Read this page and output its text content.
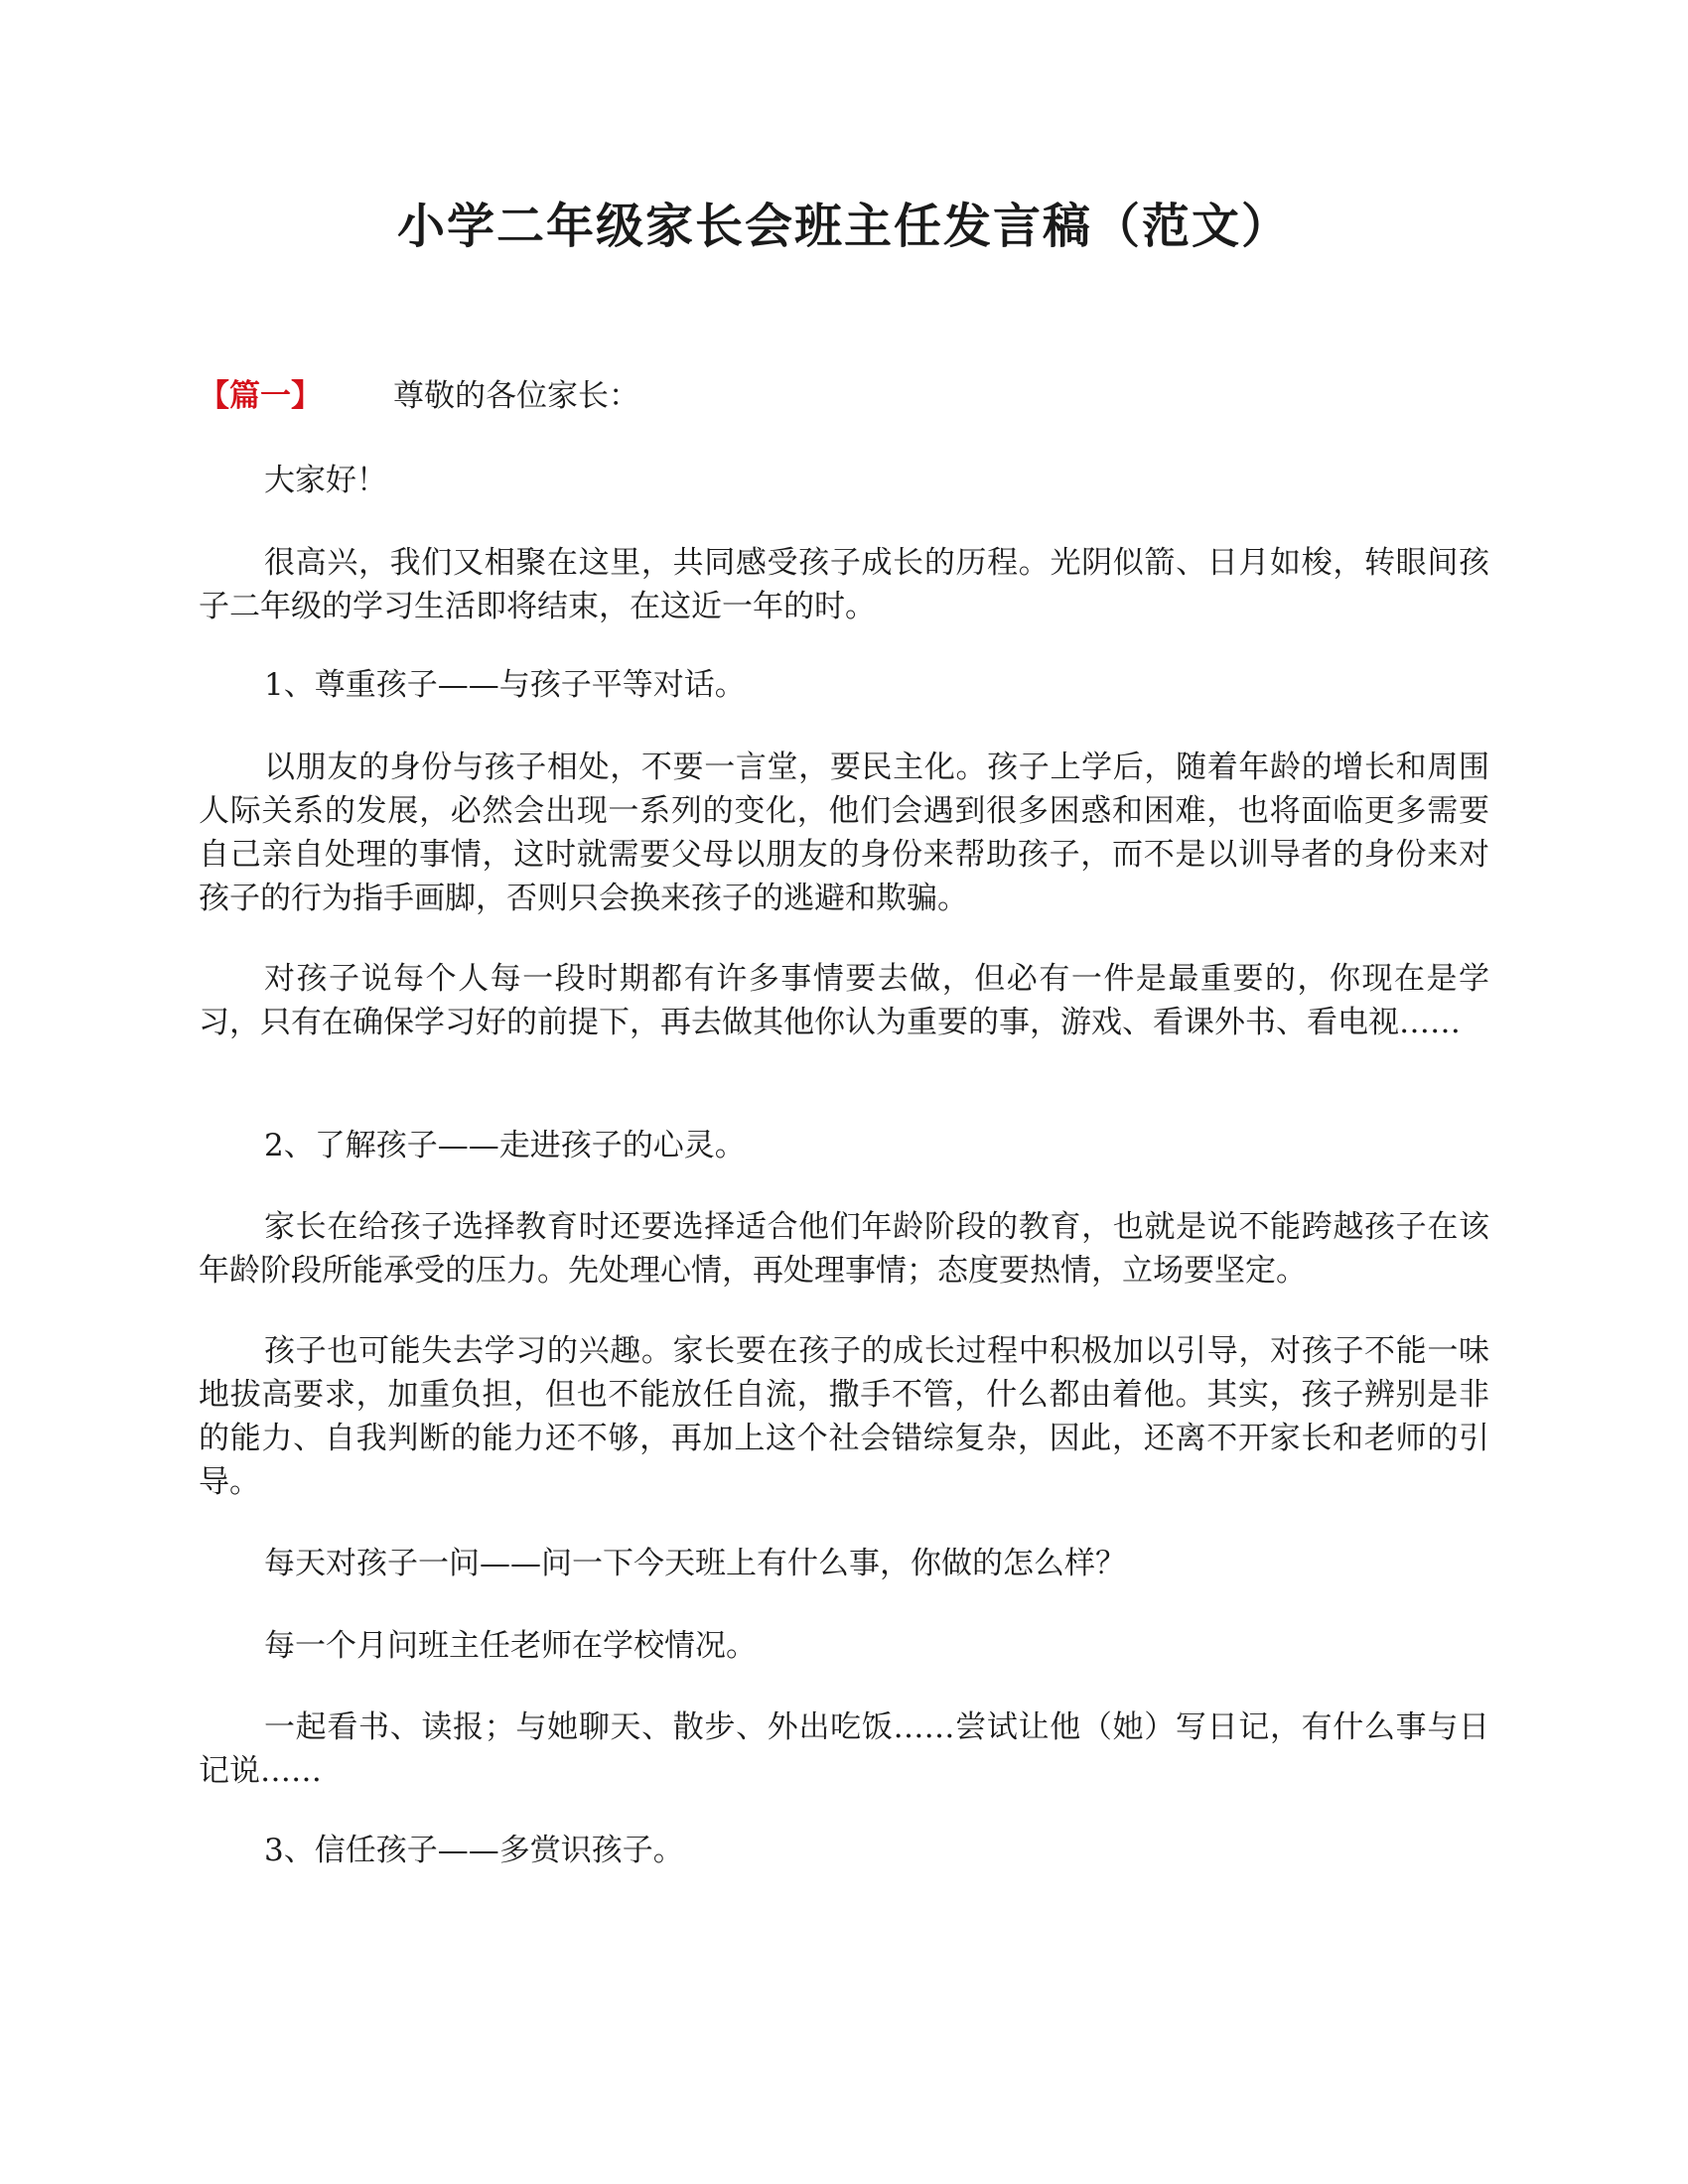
小学二年级家长会班主任发言稿（范文）
【篇一】 尊敬的各位家长：

大家好！

很高兴，我们又相聚在这里，共同感受孩子成长的历程。光阴似箭、日月如梭，转眼间孩子二年级的学习生活即将结束，在这近一年的时。

1、尊重孩子——与孩子平等对话。

以朋友的身份与孩子相处，不要一言堂，要民主化。孩子上学后，随着年龄的增长和周围人际关系的发展，必然会出现一系列的变化，他们会遇到很多困惑和困难，也将面临更多需要自己亲自处理的事情，这时就需要父母以朋友的身份来帮助孩子，而不是以训导者的身份来对孩子的行为指手画脚，否则只会换来孩子的逃避和欺骗。

对孩子说每个人每一段时期都有许多事情要去做，但必有一件是最重要的，你现在是学习，只有在确保学习好的前提下，再去做其他你认为重要的事，游戏、看课外书、看电视……

2、了解孩子——走进孩子的心灵。

家长在给孩子选择教育时还要选择适合他们年龄阶段的教育，也就是说不能跨越孩子在该年龄阶段所能承受的压力。先处理心情，再处理事情；态度要热情，立场要坚定。

孩子也可能失去学习的兴趣。家长要在孩子的成长过程中积极加以引导，对孩子不能一味地拔高要求，加重负担，但也不能放任自流，撒手不管，什么都由着他。其实，孩子辨别是非的能力、自我判断的能力还不够，再加上这个社会错综复杂，因此，还离不开家长和老师的引导。

每天对孩子一问——问一下今天班上有什么事，你做的怎么样？

每一个月问班主任老师在学校情况。

一起看书、读报；与她聊天、散步、外出吃饭……尝试让他（她）写日记，有什么事与日记说……

3、信任孩子——多赏识孩子。
